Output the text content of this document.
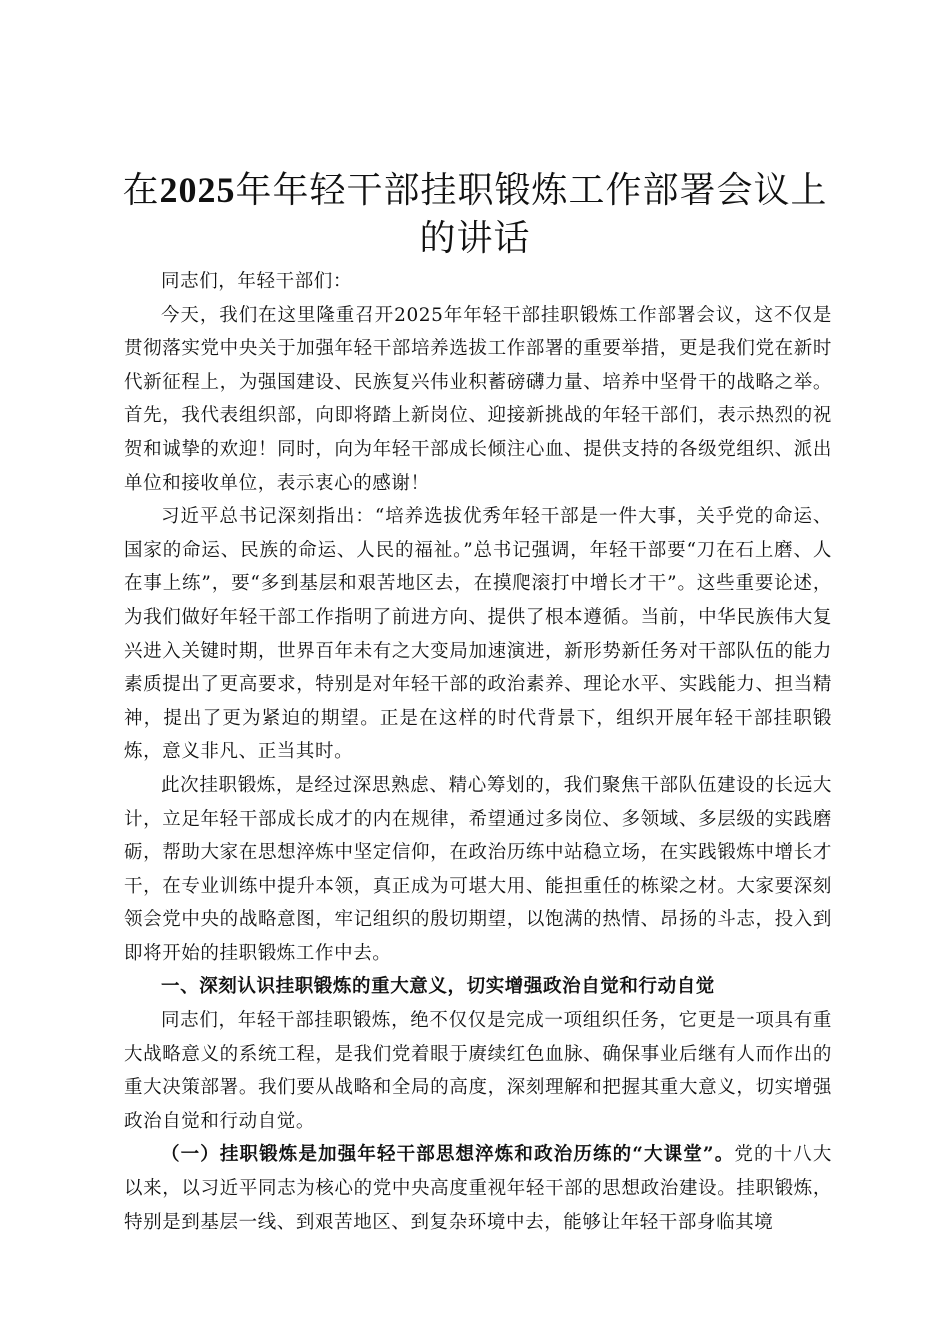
在2025年年轻干部挂职锻炼工作部署会议上
的讲话

同志们，年轻干部们：

今天，我们在这里隆重召开2025年年轻干部挂职锻炼工作部署会议，这不仅是贯彻落实党中央关于加强年轻干部培养选拔工作部署的重要举措，更是我们党在新时代新征程上，为强国建设、民族复兴伟业积蓄磅礴力量、培养中坚骨干的战略之举。首先，我代表组织部，向即将踏上新岗位、迎接新挑战的年轻干部们，表示热烈的祝贺和诚挚的欢迎！同时，向为年轻干部成长倾注心血、提供支持的各级党组织、派出单位和接收单位，表示衷心的感谢！

习近平总书记深刻指出：“培养选拔优秀年轻干部是一件大事，关乎党的命运、国家的命运、民族的命运、人民的福祉。”总书记强调，年轻干部要“刀在石上磨、人在事上练”，要“多到基层和艰苦地区去，在摸爬滚打中增长才干”。这些重要论述，为我们做好年轻干部工作指明了前进方向、提供了根本遵循。当前，中华民族伟大复兴进入关键时期，世界百年未有之大变局加速演进，新形势新任务对干部队伍的能力素质提出了更高要求，特别是对年轻干部的政治素养、理论水平、实践能力、担当精神，提出了更为紧迫的期望。正是在这样的时代背景下，组织开展年轻干部挂职锻炼，意义非凡、正当其时。

此次挂职锻炼，是经过深思熟虑、精心筹划的，我们聚焦干部队伍建设的长远大计，立足年轻干部成长成才的内在规律，希望通过多岗位、多领域、多层级的实践磨砺，帮助大家在思想淬炼中坚定信仰，在政治历练中站稳立场，在实践锻炼中增长才干，在专业训练中提升本领，真正成为可堪大用、能担重任的栋梁之材。大家要深刻领会党中央的战略意图，牢记组织的殷切期望，以饱满的热情、昂扬的斗志，投入到即将开始的挂职锻炼工作中去。

一、深刻认识挂职锻炼的重大意义，切实增强政治自觉和行动自觉

同志们，年轻干部挂职锻炼，绝不仅仅是完成一项组织任务，它更是一项具有重大战略意义的系统工程，是我们党着眼于赓续红色血脉、确保事业后继有人而作出的重大决策部署。我们要从战略和全局的高度，深刻理解和把握其重大意义，切实增强政治自觉和行动自觉。

（一）挂职锻炼是加强年轻干部思想淬炼和政治历练的“大课堂”。党的十八大以来，以习近平同志为核心的党中央高度重视年轻干部的思想政治建设。挂职锻炼，特别是到基层一线、到艰苦地区、到复杂环境中去，能够让年轻干部身临其境
